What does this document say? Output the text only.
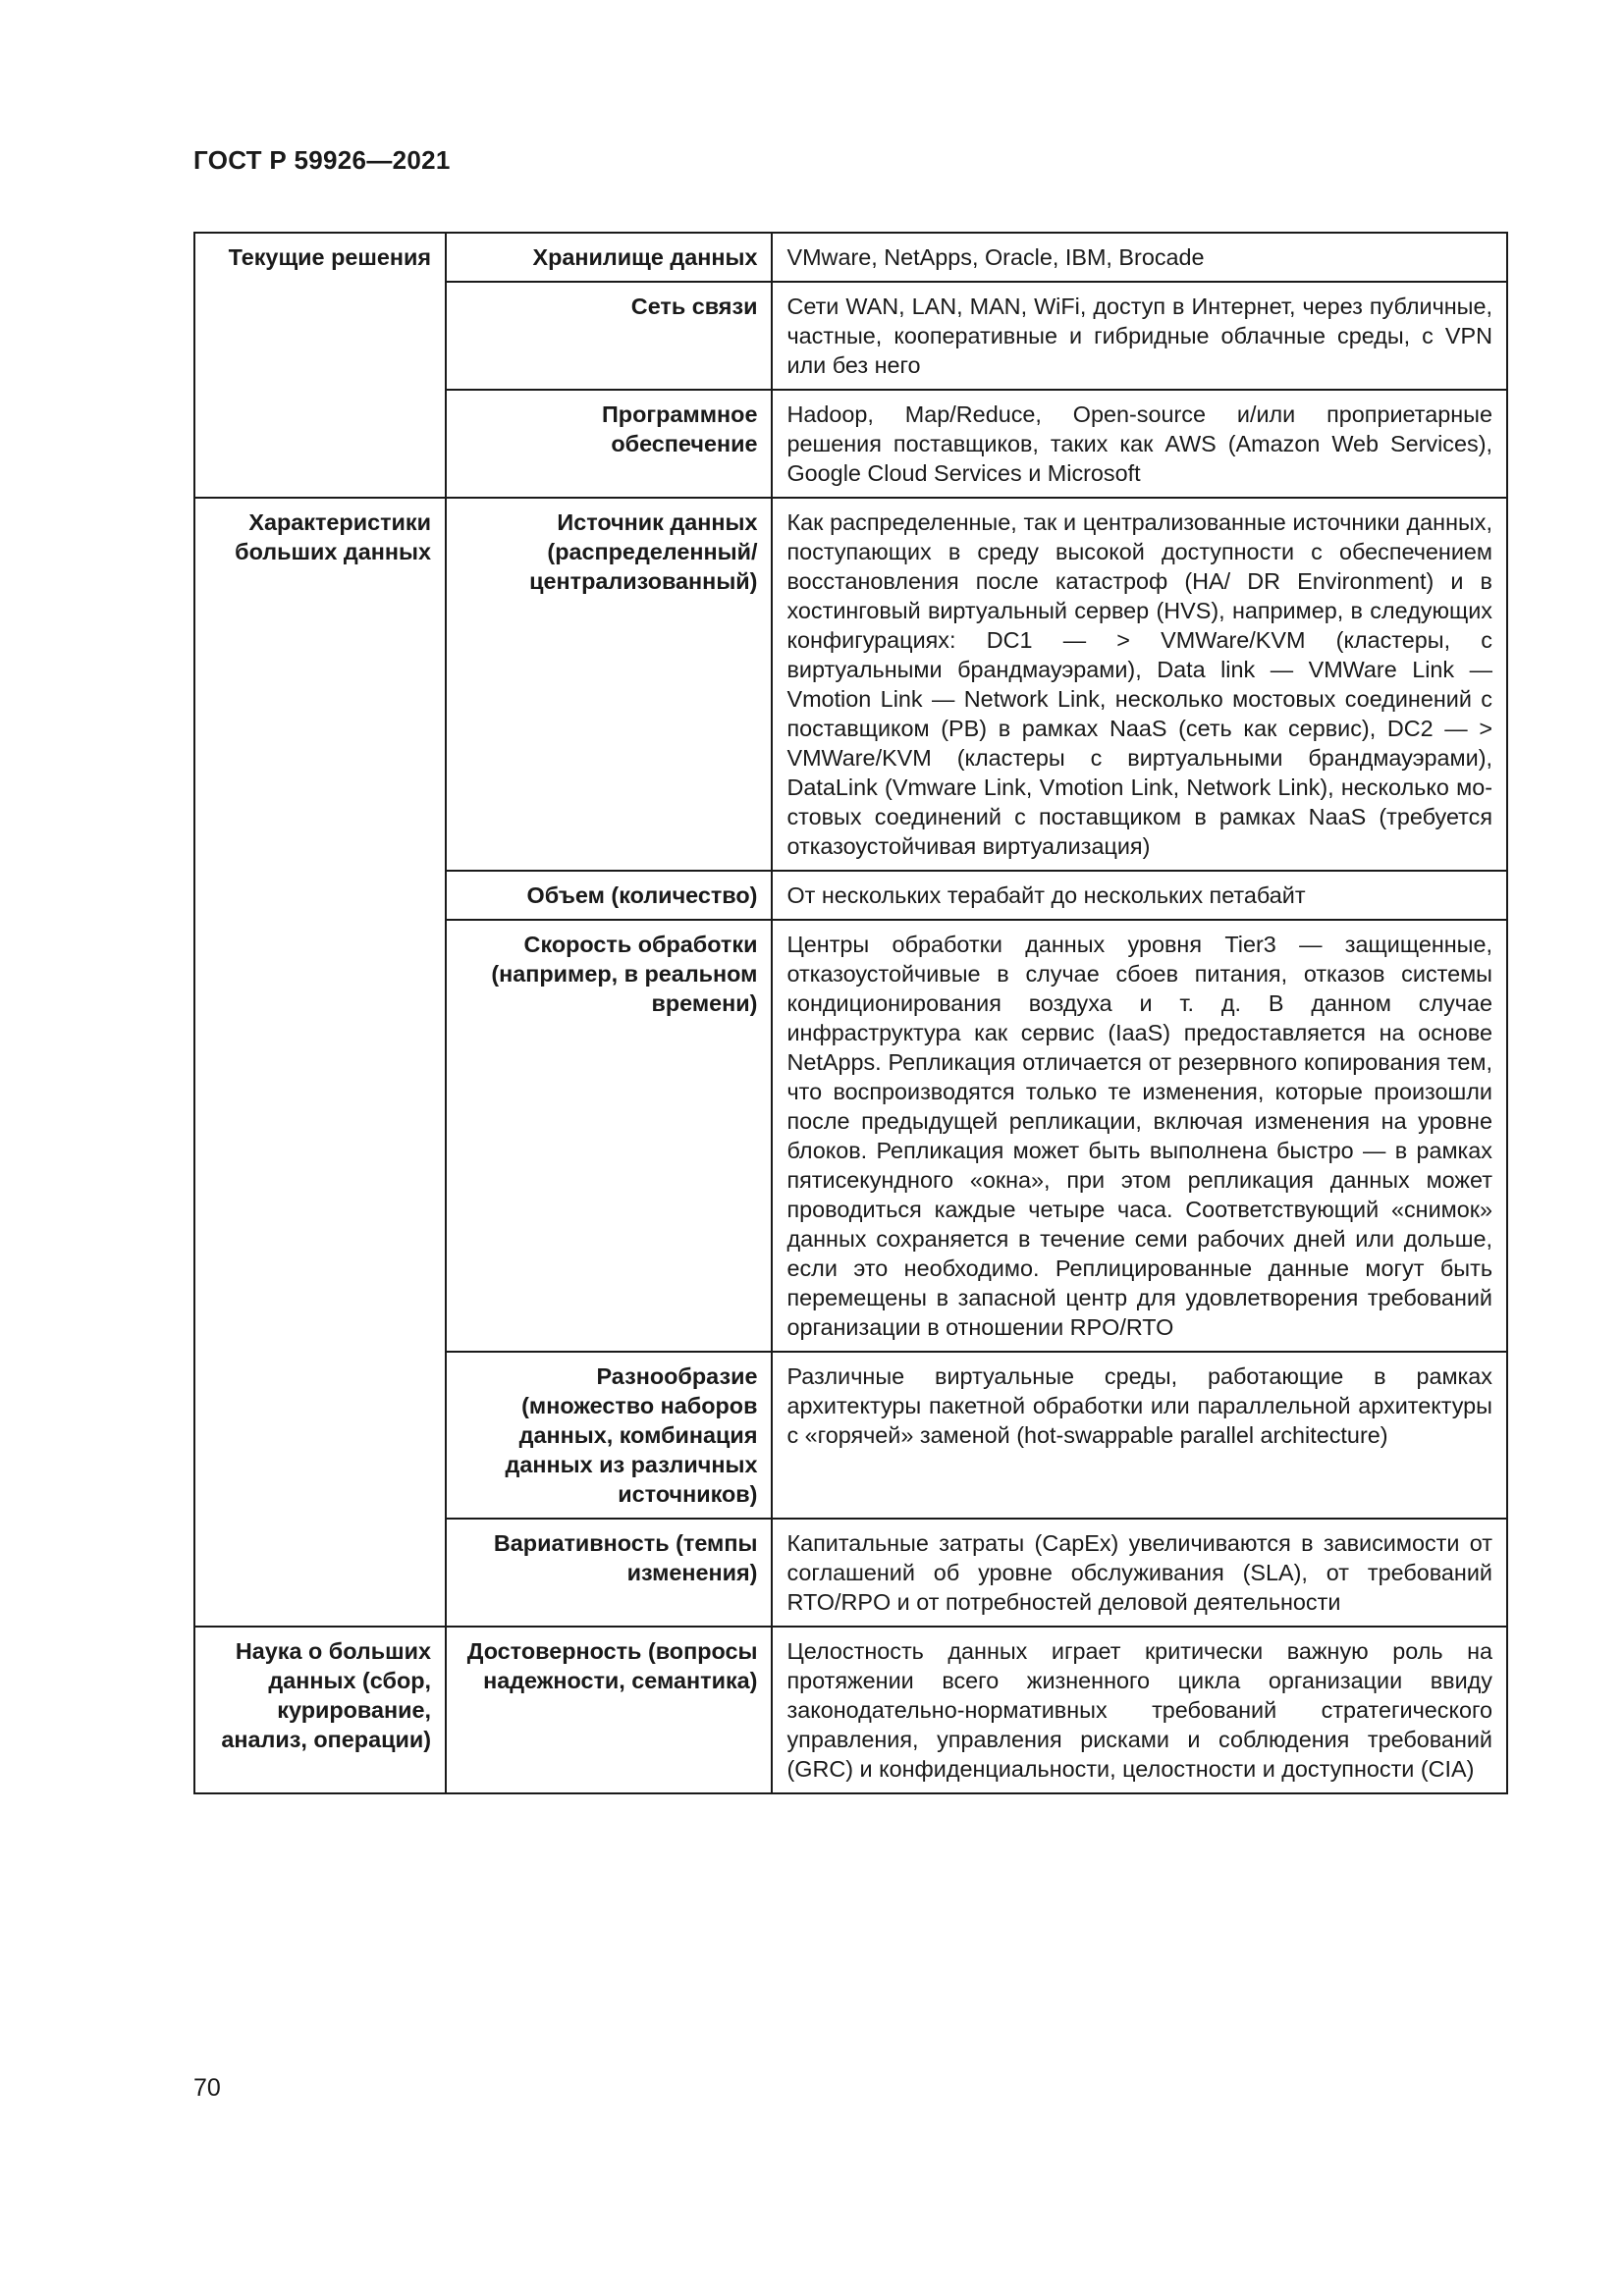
ГОСТ Р 59926—2021
Текущие решения	Хранилище данных	VMware, NetApps, Oracle, IBM, Brocade
	Сеть связи	Сети WAN, LAN, MAN, WiFi, доступ в Интернет, через публичные, частные, кооперативные и гибридные облачные среды, с VPN или без него
	Программное обеспечение	Hadoop, Map/Reduce, Open-source и/или проприетарные решения поставщиков, таких как AWS (Amazon Web Services), Google Cloud Services и Microsoft
Характеристики больших данных	Источник данных (распределенный/ централизованный)	Как распределенные, так и централизованные источники данных, поступающих в среду высокой доступности с обеспечением восстановления после катастроф (HA/ DR Environment) и в хостинговый виртуальный сервер (HVS), например, в следующих конфигурациях: DC1 — > VMWare/KVM (кластеры, с виртуальными брандмауэрами), Data link — VMWare Link — Vmotion Link — Network Link, несколько мостовых соединений с поставщиком (PB) в рамках NaaS (сеть как сервис), DC2 — > VMWare/KVM (кластеры с виртуальными брандмауэрами), DataLink (Vmware Link, Vmotion Link, Network Link), несколько мостовых соединений с поставщиком в рамках NaaS (требуется отказоустойчивая виртуализация)
	Объем (количество)	От нескольких терабайт до нескольких петабайт
	Скорость обработки (например, в реальном времени)	Центры обработки данных уровня Tier3 — защищенные, отказоустойчивые в случае сбоев питания, отказов системы кондиционирования воздуха и т. д. В данном случае инфраструктура как сервис (IaaS) предоставляется на основе NetApps. Репликация отличается от резервного копирования тем, что воспроизводятся только те изменения, которые произошли после предыдущей репликации, включая изменения на уровне блоков. Репликация может быть выполнена быстро — в рамках пятисекундного «окна», при этом репликация данных может проводиться каждые четыре часа. Соответствующий «снимок» данных сохраняется в течение семи рабочих дней или дольше, если это необходимо. Реплицированные данные могут быть перемещены в запасной центр для удовлетворения требований организации в отношении RPO/RTO
	Разнообразие (множество наборов данных, комбинация данных из различных источников)	Различные виртуальные среды, работающие в рамках архитектуры пакетной обработки или параллельной архитектуры с «горячей» заменой (hot-swappable parallel architecture)
	Вариативность (темпы изменения)	Капитальные затраты (CapEx) увеличиваются в зависимости от соглашений об уровне обслуживания (SLA), от требований RTO/RPO и от потребностей деловой деятельности
Наука о больших данных (сбор, курирование, анализ, операции)	Достоверность (вопросы надежности, семантика)	Целостность данных играет критически важную роль на протяжении всего жизненного цикла организации ввиду законодательно-нормативных требований стратегического управления, управления рисками и соблюдения требований (GRC) и конфиденциальности, целостности и доступности (CIA)
70
